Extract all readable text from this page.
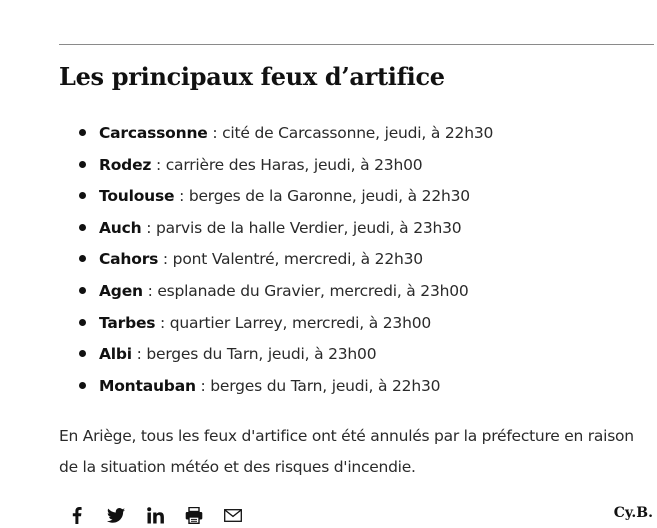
Les principaux feux d’artifice
Carcassonne : cité de Carcassonne, jeudi, à 22h30
Rodez : carrière des Haras, jeudi, à 23h00
Toulouse : berges de la Garonne, jeudi, à 22h30
Auch : parvis de la halle Verdier, jeudi, à 23h30
Cahors : pont Valentré, mercredi, à 22h30
Agen : esplanade du Gravier, mercredi, à 23h00
Tarbes : quartier Larrey, mercredi, à 23h00
Albi : berges du Tarn, jeudi, à 23h00
Montauban : berges du Tarn, jeudi, à 22h30

En Ariège, tous les feux d'artifice ont été annulés par la préfecture en raison de la situation météo et des risques d'incendie.

Cy.B.
